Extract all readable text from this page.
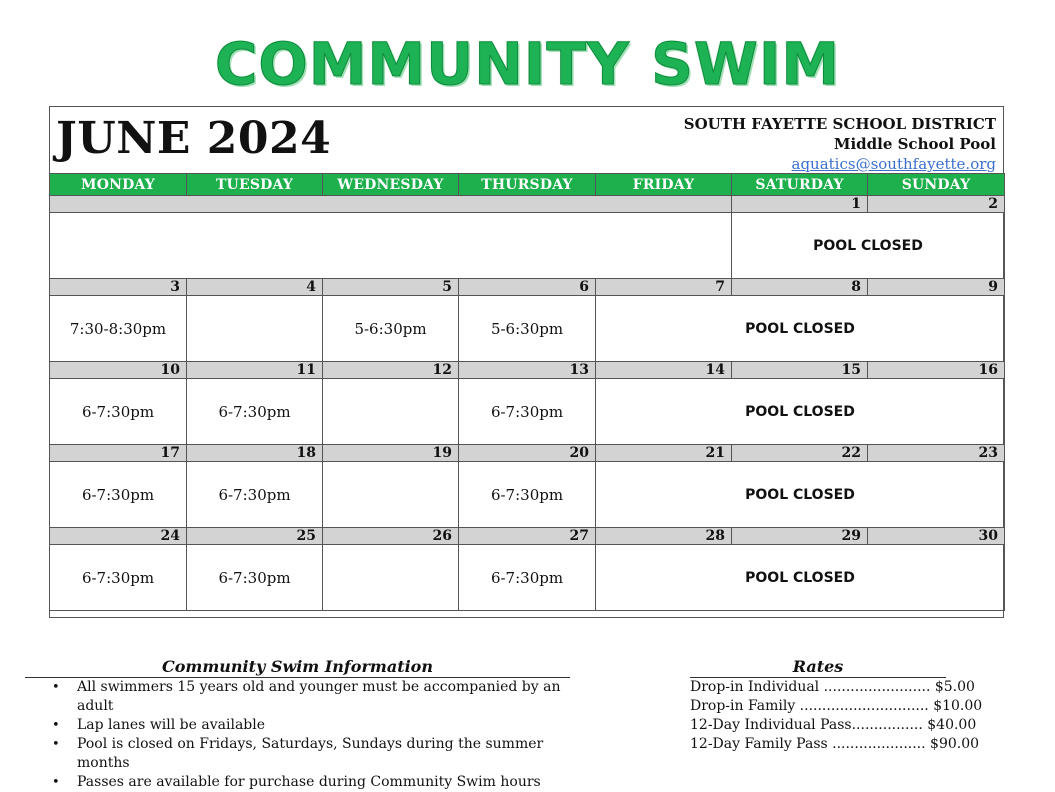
COMMUNITY SWIM
JUNE 2024	SOUTH FAYETTE SCHOOL DISTRICT
Middle School Pool
aquatics@southfayette.org
MONDAY	TUESDAY	WEDNESDAY	THURSDAY	FRIDAY	SATURDAY	SUNDAY
					1	2
					POOL CLOSED	
3	4	5	6	7	8	9
7:30-8:30pm		5-6:30pm	5-6:30pm	POOL CLOSED		
10	11	12	13	14	15	16
6-7:30pm	6-7:30pm		6-7:30pm	POOL CLOSED		
17	18	19	20	21	22	23
6-7:30pm	6-7:30pm		6-7:30pm	POOL CLOSED		
24	25	26	27	28	29	30
6-7:30pm	6-7:30pm		6-7:30pm	POOL CLOSED		
Community Swim Information
• All swimmers 15 years old and younger must be accompanied by an adult
• Lap lanes will be available
• Pool is closed on Fridays, Saturdays, Sundays during the summer months
• Passes are available for purchase during Community Swim hours
Rates
Drop-in Individual ........................ $5.00
Drop-in Family ............................. $10.00
12-Day Individual Pass................ $40.00
12-Day Family Pass ..................... $90.00
